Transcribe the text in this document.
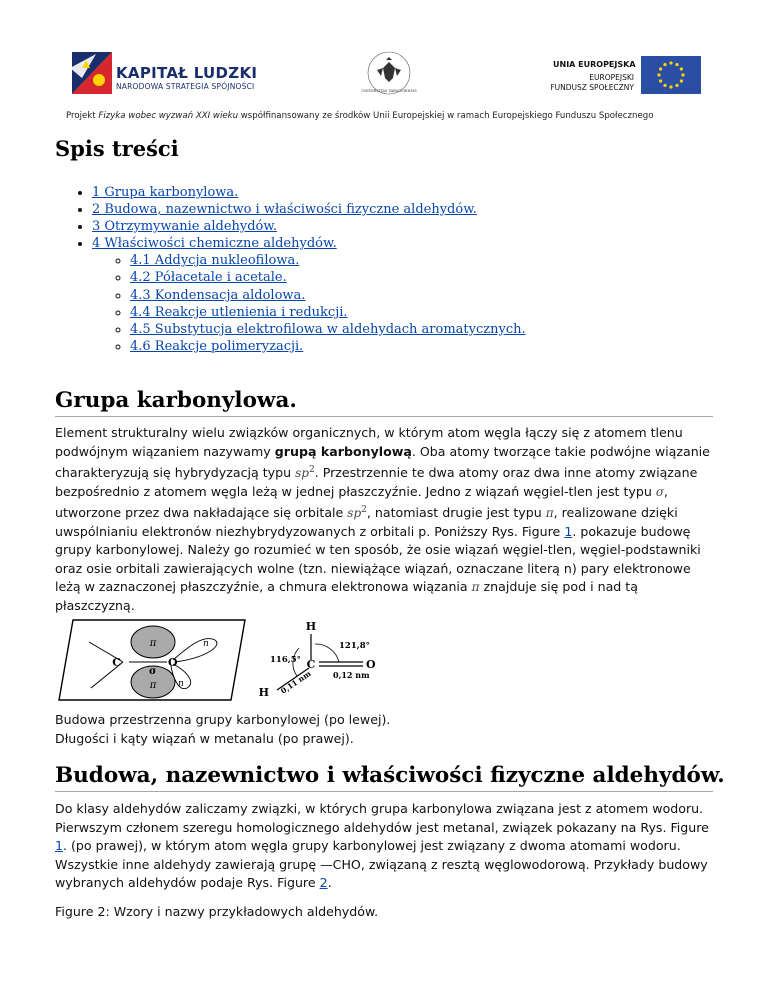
KAPITAŁ LUDZKI
NARODOWA STRATEGIA SPÓJNOŚCI	UNIVERSITAS VARSOVIENSIS
UNIA EUROPEJSKA
EUROPEJSKI
FUNDUSZ SPOŁECZNY
Projekt Fizyka wobec wyzwań XXI wieku współfinansowany ze środków Unii Europejskiej w ramach Europejskiego Funduszu Społecznego
Spis treści
• 1 Grupa karbonylowa.
• 2 Budowa, nazewnictwo i właściwości fizyczne aldehydów.
• 3 Otrzymywanie aldehydów.
• 4 Właściwości chemiczne aldehydów.
◦ 4.1 Addycja nukleofilowa.
◦ 4.2 Półacetale i acetale.
◦ 4.3 Kondensacja aldolowa.
◦ 4.4 Reakcje utlenienia i redukcji.
◦ 4.5 Substytucja elektrofilowa w aldehydach aromatycznych.
◦ 4.6 Reakcje polimeryzacji.
Grupa karbonylowa.

Element strukturalny wielu związków organicznych, w którym atom węgla łączy się z atomem tlenu podwójnym wiązaniem nazywamy grupą karbonylową. Oba atomy tworzące takie podwójne wiązanie charakteryzują się hybrydyzacją typu $sp^2$. Przestrzennie te dwa atomy oraz dwa inne atomy związane bezpośrednio z atomem węgla leżą w jednej płaszczyźnie. Jedno z wiązań węgiel-tlen jest typu σ, utworzone przez dwa nakładające się orbitale $sp^2$, natomiast drugie jest typu π, realizowane dzięki uwspólnianiu elektronów niezhybrydyzowanych z orbitali p. Poniższy Rys. Figure 1. pokazuje budowę grupy karbonylowej. Należy go rozumieć w ten sposób, że osie wiązań węgiel-tlen, węgiel-podstawniki oraz osie orbitali zawierających wolne (tzn. niewiążące wiązań, oznaczane literą n) pary elektronowe leżą w zaznaczonej płaszczyźnie, a chmura elektronowa wiązania π znajduje się pod i nad tą płaszczyzną.

π
π
n
n
C	O
σ
H
C	O
H
121,8°
116,5°
0,12 nm
0,11 nm
Budowa przestrzenna grupy karbonylowej (po lewej).
Długości i kąty wiązań w metanalu (po prawej).
Budowa, nazewnictwo i właściwości fizyczne aldehydów.

Do klasy aldehydów zaliczamy związki, w których grupa karbonylowa związana jest z atomem wodoru. Pierwszym członem szeregu homologicznego aldehydów jest metanal, związek pokazany na Rys. Figure 1. (po prawej), w którym atom węgla grupy karbonylowej jest związany z dwoma atomami wodoru. Wszystkie inne aldehydy zawierają grupę —CHO, związaną z resztą węglowodorową. Przykłady budowy wybranych aldehydów podaje Rys. Figure 2.

Figure 2: Wzory i nazwy przykładowych aldehydów.
